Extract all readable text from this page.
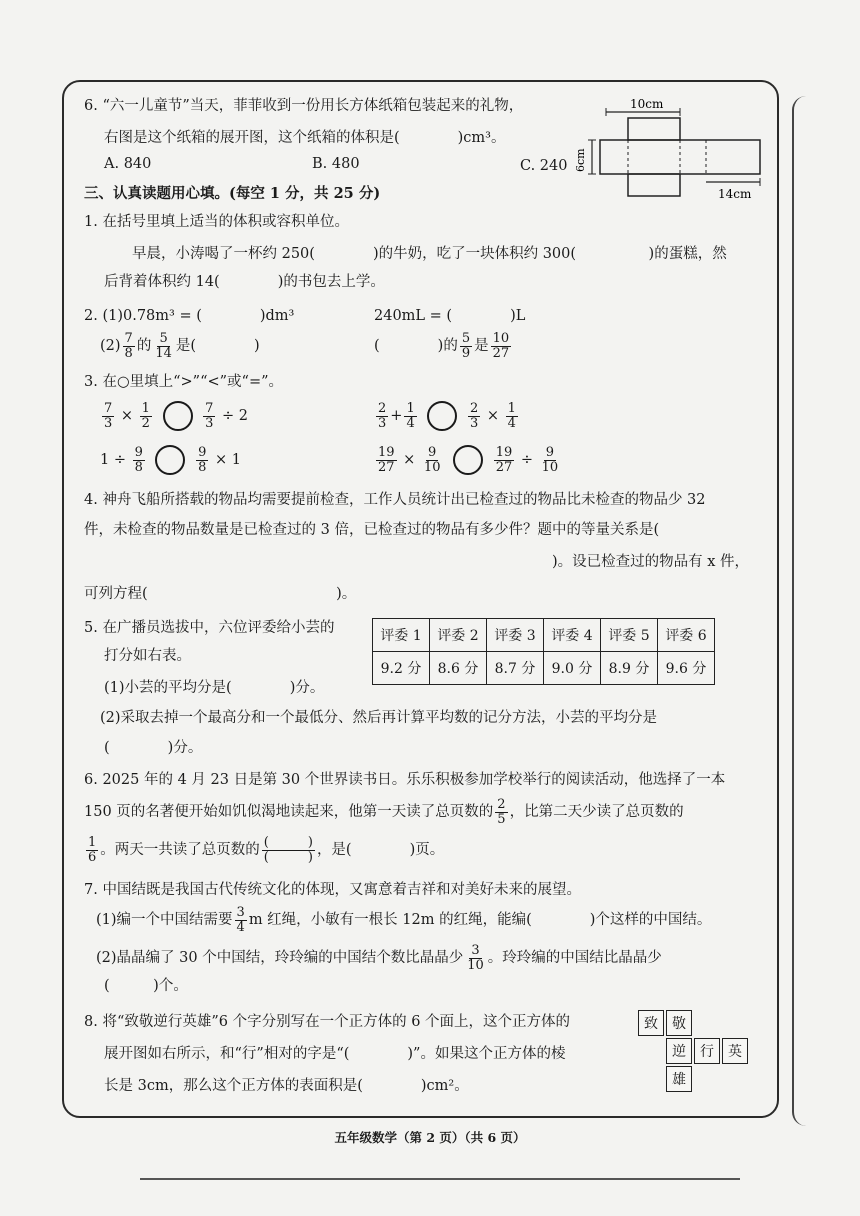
6. “六一儿童节”当天，菲菲收到一份用长方体纸箱包装起来的礼物，
右图是这个纸箱的展开图，这个纸箱的体积是(　　　　)cm³。
A. 840	B. 480	C. 240
10cm
6cm
14cm
三、认真读题用心填。(每空 1 分，共 25 分)
1. 在括号里填上适当的体积或容积单位。
早晨，小涛喝了一杯约 250(　　　　)的牛奶，吃了一块体积约 300(　　　　　)的蛋糕，然
后背着体积约 14(　　　　)的书包去上学。
2. (1)0.78m³ = (　　　　)dm³	240mL = (　　　　)L
$(2) \frac{7}{8}$ 的 $\frac{5}{14}$ 是(　　　　)	(　　　　)的 $\frac{5}{9}$ 是 $\frac{10}{27}$
3. 在○里填上“>”“<”或“=”。
$\frac{7}{3} \times \frac{1}{2}$
	$\frac{7}{3} \div 2$	$\frac{2}{3} + \frac{1}{4}$
	$\frac{2}{3} \times \frac{1}{4}$
$1 \div \frac{9}{8}$
	$\frac{9}{8} \times 1$	$\frac{19}{27} \times \frac{9}{10}$
	$\frac{19}{27} \div \frac{9}{10}$
4. 神舟飞船所搭载的物品均需要提前检查，工作人员统计出已检查过的物品比未检查的物品少 32
件，未检查的物品数量是已检查过的 3 倍，已检查过的物品有多少件？题中的等量关系是(
)。设已检查过的物品有 x 件，
可列方程(　　　　　　　　　　　　　)。
5. 在广播员选拔中，六位评委给小芸的
打分如右表。
(1)小芸的平均分是(　　　　)分。
评委 1	评委 2	评委 3	评委 4	评委 5	评委 6
9.2 分	8.6 分	8.7 分	9.0 分	8.9 分	9.6 分
(2)采取去掉一个最高分和一个最低分、然后再计算平均数的记分方法，小芸的平均分是
(　　　　)分。
6. 2025 年的 4 月 23 日是第 30 个世界读书日。乐乐积极参加学校举行的阅读活动，他选择了一本
150 页的名著便开始如饥似渴地读起来，他第一天读了总页数的 $\frac{2}{5}$ ，比第二天少读了总页数的
$\frac{1}{6}$ 。两天一共读了总页数的 $\frac{( )}{( )}$ ，是(　　　　)页。
7. 中国结既是我国古代传统文化的体现，又寓意着吉祥和对美好未来的展望。
(1)编一个中国结需要 $\frac{3}{4}$ m 红绳，小敏有一根长 12m 的红绳，能编(　　　　)个这样的中国结。
(2)晶晶编了 30 个中国结，玲玲编的中国结个数比晶晶少 $\frac{3}{10}$ 。玲玲编的中国结比晶晶少
(　　　)个。
8. 将“致敬逆行英雄”6 个字分别写在一个正方体的 6 个面上，这个正方体的
展开图如右所示，和“行”相对的字是“(　　　　)”。如果这个正方体的棱
长是 3cm，那么这个正方体的表面积是(　　　　)cm²。
致	敬
逆	行	英
雄
五年级数学（第 2 页）（共 6 页）
